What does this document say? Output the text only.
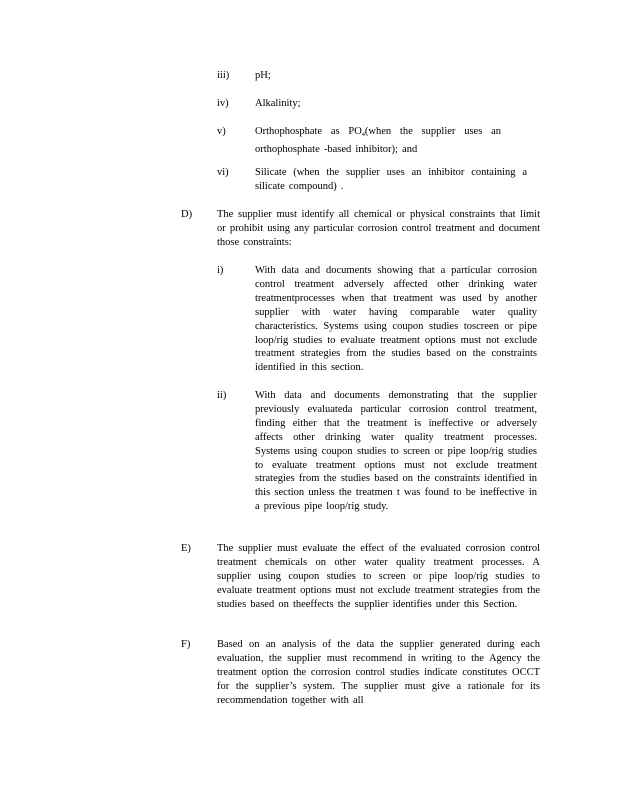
iii) pH;
iv)	Alkalinity;
v)	Orthophosphate as $PO_4(when$ the supplier uses an orthophosphate -based inhibitor); and
vi)	Silicate (when the supplier uses an inhibitor containing a silicate compound) .
D) The supplier must identify all chemical or physical constraints that limit or prohibit using any particular corrosion control treatment and document those constraints:
i)	With data and documents showing that a particular corrosion control treatment adversely affected other drinking water treatmentprocesses when that treatment was used by another supplier with water having comparable water quality characteristics. Systems using coupon studies toscreen or pipe loop/rig studies to evaluate treatment options must not exclude treatment strategies from the studies based on the constraints identified in this section.
ii)	With data and documents demonstrating that the supplier previously evaluateda particular corrosion control treatment, finding either that the treatment is ineffective or adversely affects other drinking water quality treatment processes. Systems using coupon studies to screen or pipe loop/rig studies to evaluate treatment options must not exclude treatment strategies from the studies based on the constraints identified in this section unless the treatmen t was found to be ineffective in a previous pipe loop/rig study.
E) The supplier must evaluate the effect of the evaluated corrosion control treatment chemicals on other water quality treatment processes. A supplier using coupon studies to screen or pipe loop/rig studies to evaluate treatment options must not exclude treatment strategies from the studies based on theeffects the supplier identifies under this Section.
F)	Based on an analysis of the data the supplier generated during each evaluation, the supplier must recommend in writing to the Agency the treatment option the corrosion control studies indicate constitutes OCCT for the supplier’s system. The supplier must give a rationale for its recommendation together with all
